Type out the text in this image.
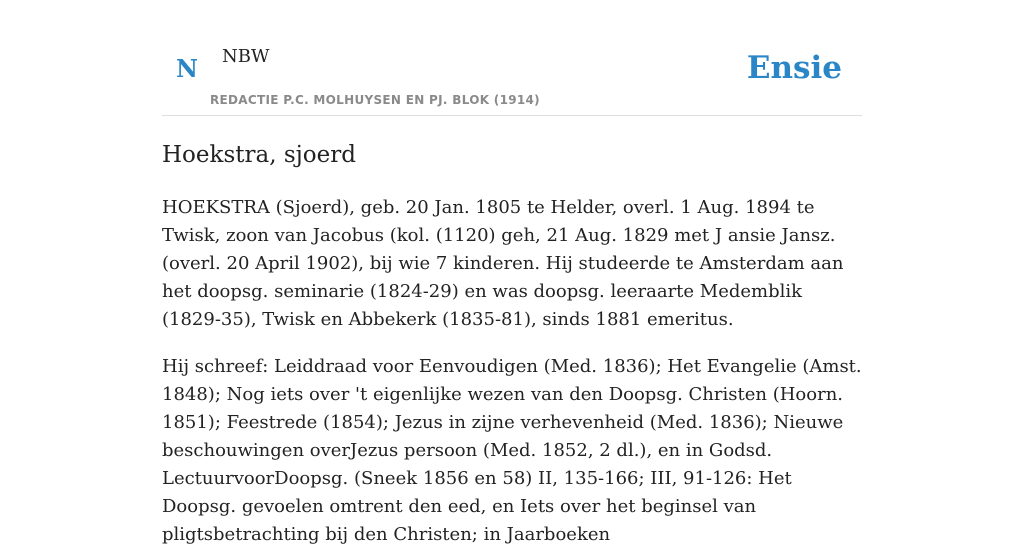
N NBW
REDACTIE P.C. MOLHUYSEN EN PJ. BLOK (1914)
Ensie
Hoekstra, sjoerd

HOEKSTRA (Sjoerd), geb. 20 Jan. 1805 te Helder, overl. 1 Aug. 1894 te Twisk, zoon van Jacobus (kol. (1120) geh, 21 Aug. 1829 met J ansie Jansz. (overl. 20 April 1902), bij wie 7 kinderen. Hij studeerde te Amsterdam aan het doopsg. seminarie (1824-29) en was doopsg. leeraarte Medemblik (1829-35), Twisk en Abbekerk (1835-81), sinds 1881 emeritus.

Hij schreef: Leiddraad voor Eenvoudigen (Med. 1836); Het Evangelie (Amst. 1848); Nog iets over 't eigenlijke wezen van den Doopsg. Christen (Hoorn. 1851); Feestrede (1854); Jezus in zijne verhevenheid (Med. 1836); Nieuwe beschouwingen overJezus persoon (Med. 1852, 2 dl.), en in Godsd. LectuurvoorDoopsg. (Sneek 1856 en 58) II, 135-166; III, 91-126: Het Doopsg. gevoelen omtrent den eed, en Iets over het beginsel van pligtsbetrachting bij den Christen; in Jaarboeken
